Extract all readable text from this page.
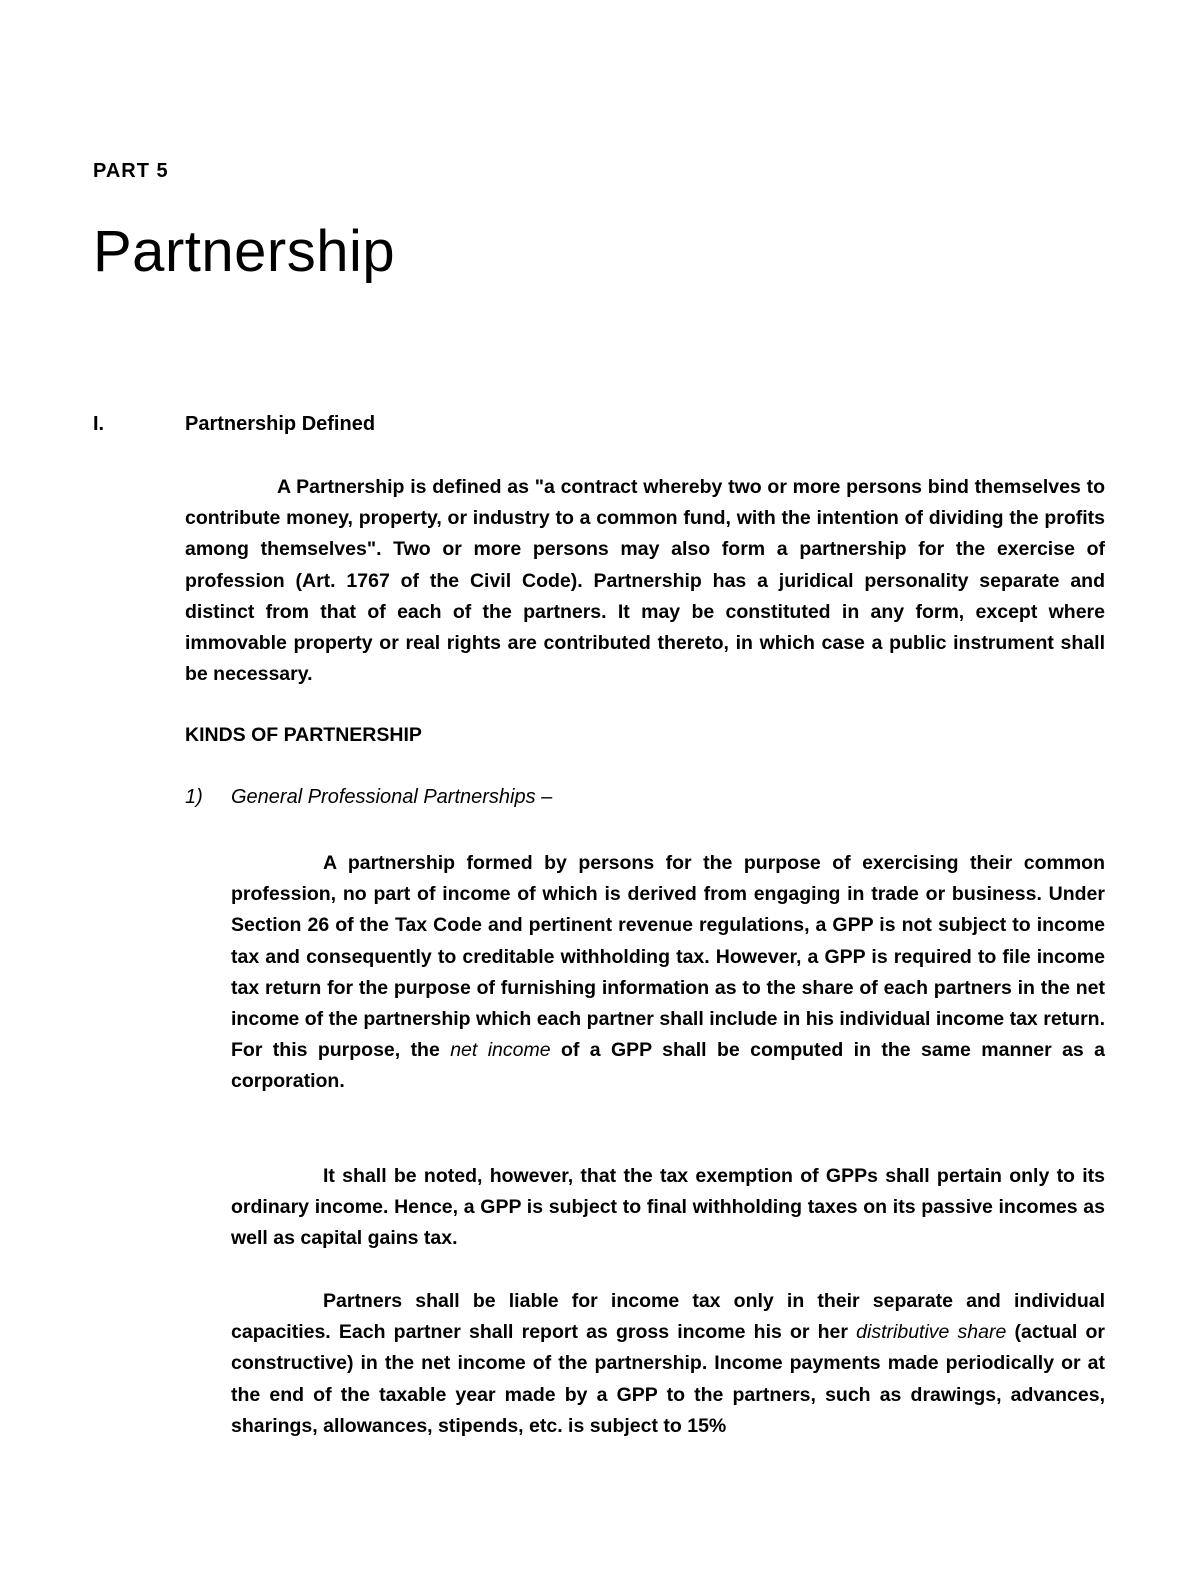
PART 5
Partnership
I.	Partnership Defined

A Partnership is defined as "a contract whereby two or more persons bind themselves to contribute money, property, or industry to a common fund, with the intention of dividing the profits among themselves". Two or more persons may also form a partnership for the exercise of profession (Art. 1767 of the Civil Code). Partnership has a juridical personality separate and distinct from that of each of the partners. It may be constituted in any form, except where immovable property or real rights are contributed thereto, in which case a public instrument shall be necessary.

KINDS OF PARTNERSHIP
1) General Professional Partnerships –

A partnership formed by persons for the purpose of exercising their common profession, no part of income of which is derived from engaging in trade or business. Under Section 26 of the Tax Code and pertinent revenue regulations, a GPP is not subject to income tax and consequently to creditable withholding tax. However, a GPP is required to file income tax return for the purpose of furnishing information as to the share of each partners in the net income of the partnership which each partner shall include in his individual income tax return. For this purpose, the net income of a GPP shall be computed in the same manner as a corporation.

It shall be noted, however, that the tax exemption of GPPs shall pertain only to its ordinary income. Hence, a GPP is subject to final withholding taxes on its passive incomes as well as capital gains tax.

Partners shall be liable for income tax only in their separate and individual capacities. Each partner shall report as gross income his or her distributive share (actual or constructive) in the net income of the partnership. Income payments made periodically or at the end of the taxable year made by a GPP to the partners, such as drawings, advances, sharings, allowances, stipends, etc. is subject to 15%
